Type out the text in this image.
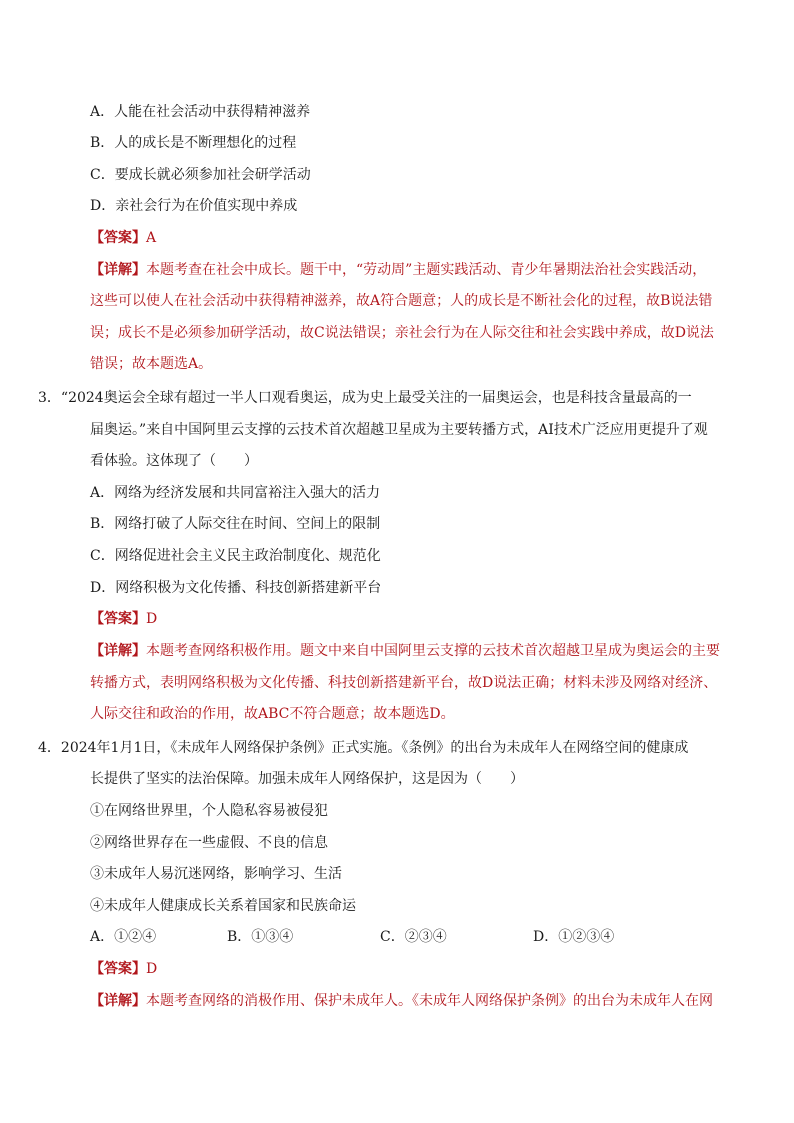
A．人能在社会活动中获得精神滋养
B．人的成长是不断理想化的过程
C．要成长就必须参加社会研学活动
D．亲社会行为在价值实现中养成
【答案】A
【详解】本题考查在社会中成长。题干中，“劳动周”主题实践活动、青少年暑期法治社会实践活动，
这些可以使人在社会活动中获得精神滋养，故A符合题意；人的成长是不断社会化的过程，故B说法错
误；成长不是必须参加研学活动，故C说法错误；亲社会行为在人际交往和社会实践中养成，故D说法
错误；故本题选A。
3．“2024奥运会全球有超过一半人口观看奥运，成为史上最受关注的一届奥运会，也是科技含量最高的一
届奥运。”来自中国阿里云支撑的云技术首次超越卫星成为主要转播方式，AI技术广泛应用更提升了观
看体验。这体现了（　　）
A．网络为经济发展和共同富裕注入强大的活力
B．网络打破了人际交往在时间、空间上的限制
C．网络促进社会主义民主政治制度化、规范化
D．网络积极为文化传播、科技创新搭建新平台
【答案】D
【详解】本题考查网络积极作用。题文中来自中国阿里云支撑的云技术首次超越卫星成为奥运会的主要
转播方式，表明网络积极为文化传播、科技创新搭建新平台，故D说法正确；材料未涉及网络对经济、
人际交往和政治的作用，故ABC不符合题意；故本题选D。
4．2024年1月1日，《未成年人网络保护条例》正式实施。《条例》的出台为未成年人在网络空间的健康成
长提供了坚实的法治保障。加强未成年人网络保护，这是因为（　　）
①在网络世界里，个人隐私容易被侵犯
②网络世界存在一些虚假、不良的信息
③未成年人易沉迷网络，影响学习、生活
④未成年人健康成长关系着国家和民族命运
A．①②④	B．①③④	C．②③④	D．①②③④
【答案】D
【详解】本题考查网络的消极作用、保护未成年人。《未成年人网络保护条例》的出台为未成年人在网
